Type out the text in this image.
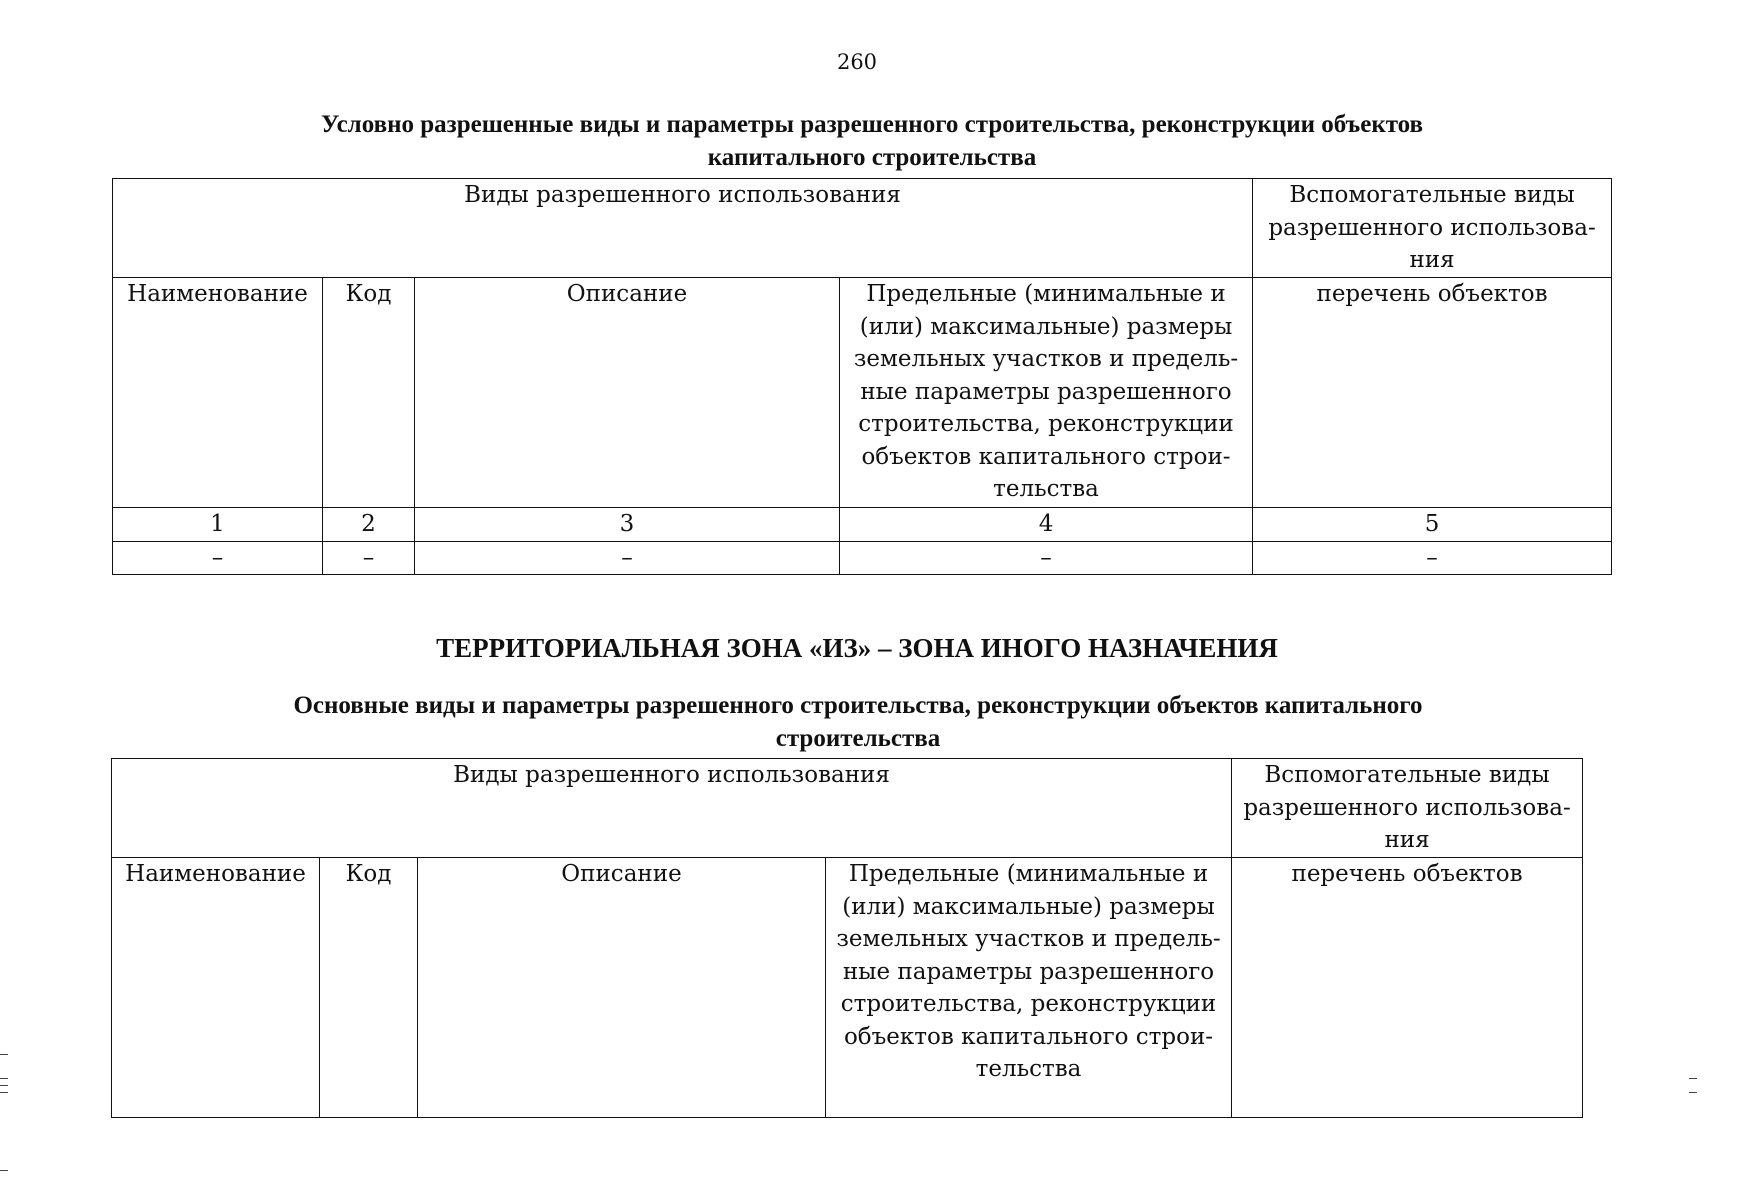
260
Условно разрешенные виды и параметры разрешенного строительства, реконструкции объектов
капитального строительства
Виды разрешенного использования				Вспомогательные виды разрешенного использования
Наименование	Код	Описание	Предельные (минимальные и (или) максимальные) размеры земельных участков и предельные параметры разрешенного строительства, реконструкции объектов капитального строительства	перечень объектов
1	2	3	4	5
–	–	–	–	–
ТЕРРИТОРИАЛЬНАЯ ЗОНА «ИЗ» – ЗОНА ИНОГО НАЗНАЧЕНИЯ
Основные виды и параметры разрешенного строительства, реконструкции объектов капитального
строительства
Виды разрешенного использования				Вспомогательные виды разрешенного использования
Наименование	Код	Описание	Предельные (минимальные и (или) максимальные) размеры земельных участков и предельные параметры разрешенного строительства, реконструкции объектов капитального строительства	перечень объектов
